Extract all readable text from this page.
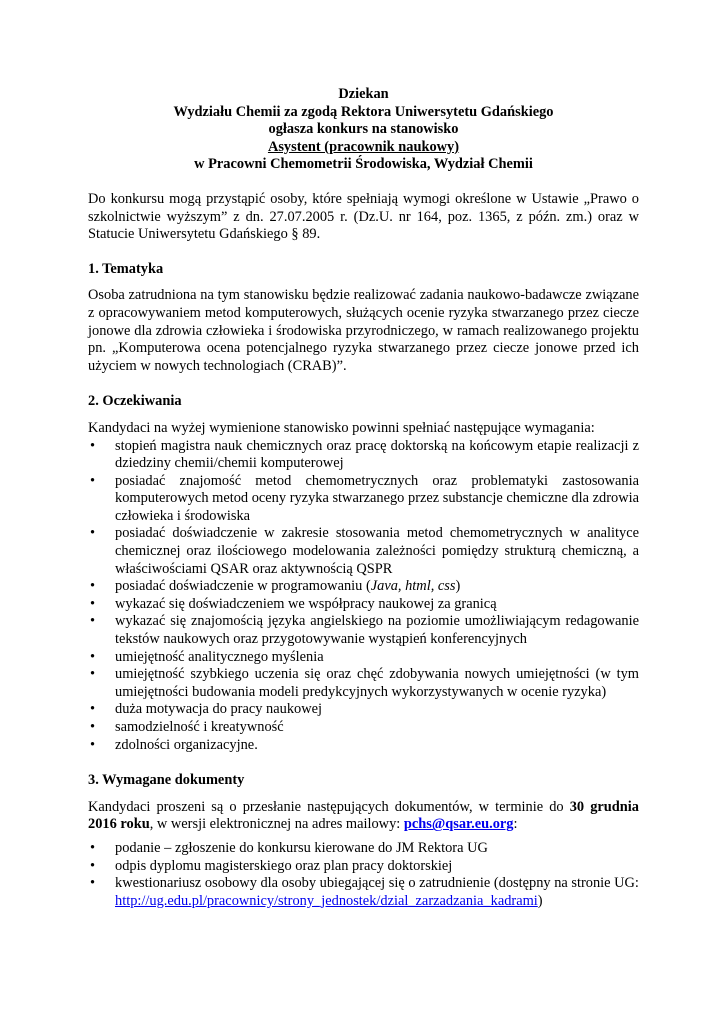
Dziekan
Wydziału Chemii za zgodą Rektora Uniwersytetu Gdańskiego
ogłasza konkurs na stanowisko
Asystent (pracownik naukowy)
w Pracowni Chemometrii Środowiska, Wydział Chemii

Do konkursu mogą przystąpić osoby, które spełniają wymogi określone w Ustawie „Prawo o szkolnictwie wyższym” z dn. 27.07.2005 r. (Dz.U. nr 164, poz. 1365, z późn. zm.) oraz w Statucie Uniwersytetu Gdańskiego § 89.

1. Tematyka

Osoba zatrudniona na tym stanowisku będzie realizować zadania naukowo-badawcze związane z opracowywaniem metod komputerowych, służących ocenie ryzyka stwarzanego przez ciecze jonowe dla zdrowia człowieka i środowiska przyrodniczego, w ramach realizowanego projektu pn. „Komputerowa ocena potencjalnego ryzyka stwarzanego przez ciecze jonowe przed ich użyciem w nowych technologiach (CRAB)”.

2. Oczekiwania

Kandydaci na wyżej wymienione stanowisko powinni spełniać następujące wymagania:

• stopień magistra nauk chemicznych oraz pracę doktorską na końcowym etapie realizacji z dziedziny chemii/chemii komputerowej
• posiadać znajomość metod chemometrycznych oraz problematyki zastosowania komputerowych metod oceny ryzyka stwarzanego przez substancje chemiczne dla zdrowia człowieka i środowiska
• posiadać doświadczenie w zakresie stosowania metod chemometrycznych w analityce chemicznej oraz ilościowego modelowania zależności pomiędzy strukturą chemiczną, a właściwościami QSAR oraz aktywnością QSPR
• posiadać doświadczenie w programowaniu (Java, html, css)
• wykazać się doświadczeniem we współpracy naukowej za granicą
• wykazać się znajomością języka angielskiego na poziomie umożliwiającym redagowanie tekstów naukowych oraz przygotowywanie wystąpień konferencyjnych
• umiejętność analitycznego myślenia
• umiejętność szybkiego uczenia się oraz chęć zdobywania nowych umiejętności (w tym umiejętności budowania modeli predykcyjnych wykorzystywanych w ocenie ryzyka)
• duża motywacja do pracy naukowej
• samodzielność i kreatywność
• zdolności organizacyjne.
3. Wymagane dokumenty

Kandydaci proszeni są o przesłanie następujących dokumentów, w terminie do 30 grudnia 2016 roku, w wersji elektronicznej na adres mailowy: pchs@qsar.eu.org:

• podanie – zgłoszenie do konkursu kierowane do JM Rektora UG
• odpis dyplomu magisterskiego oraz plan pracy doktorskiej
• kwestionariusz osobowy dla osoby ubiegającej się o zatrudnienie (dostępny na stronie UG: http://ug.edu.pl/pracownicy/strony_jednostek/dzial_zarzadzania_kadrami)
